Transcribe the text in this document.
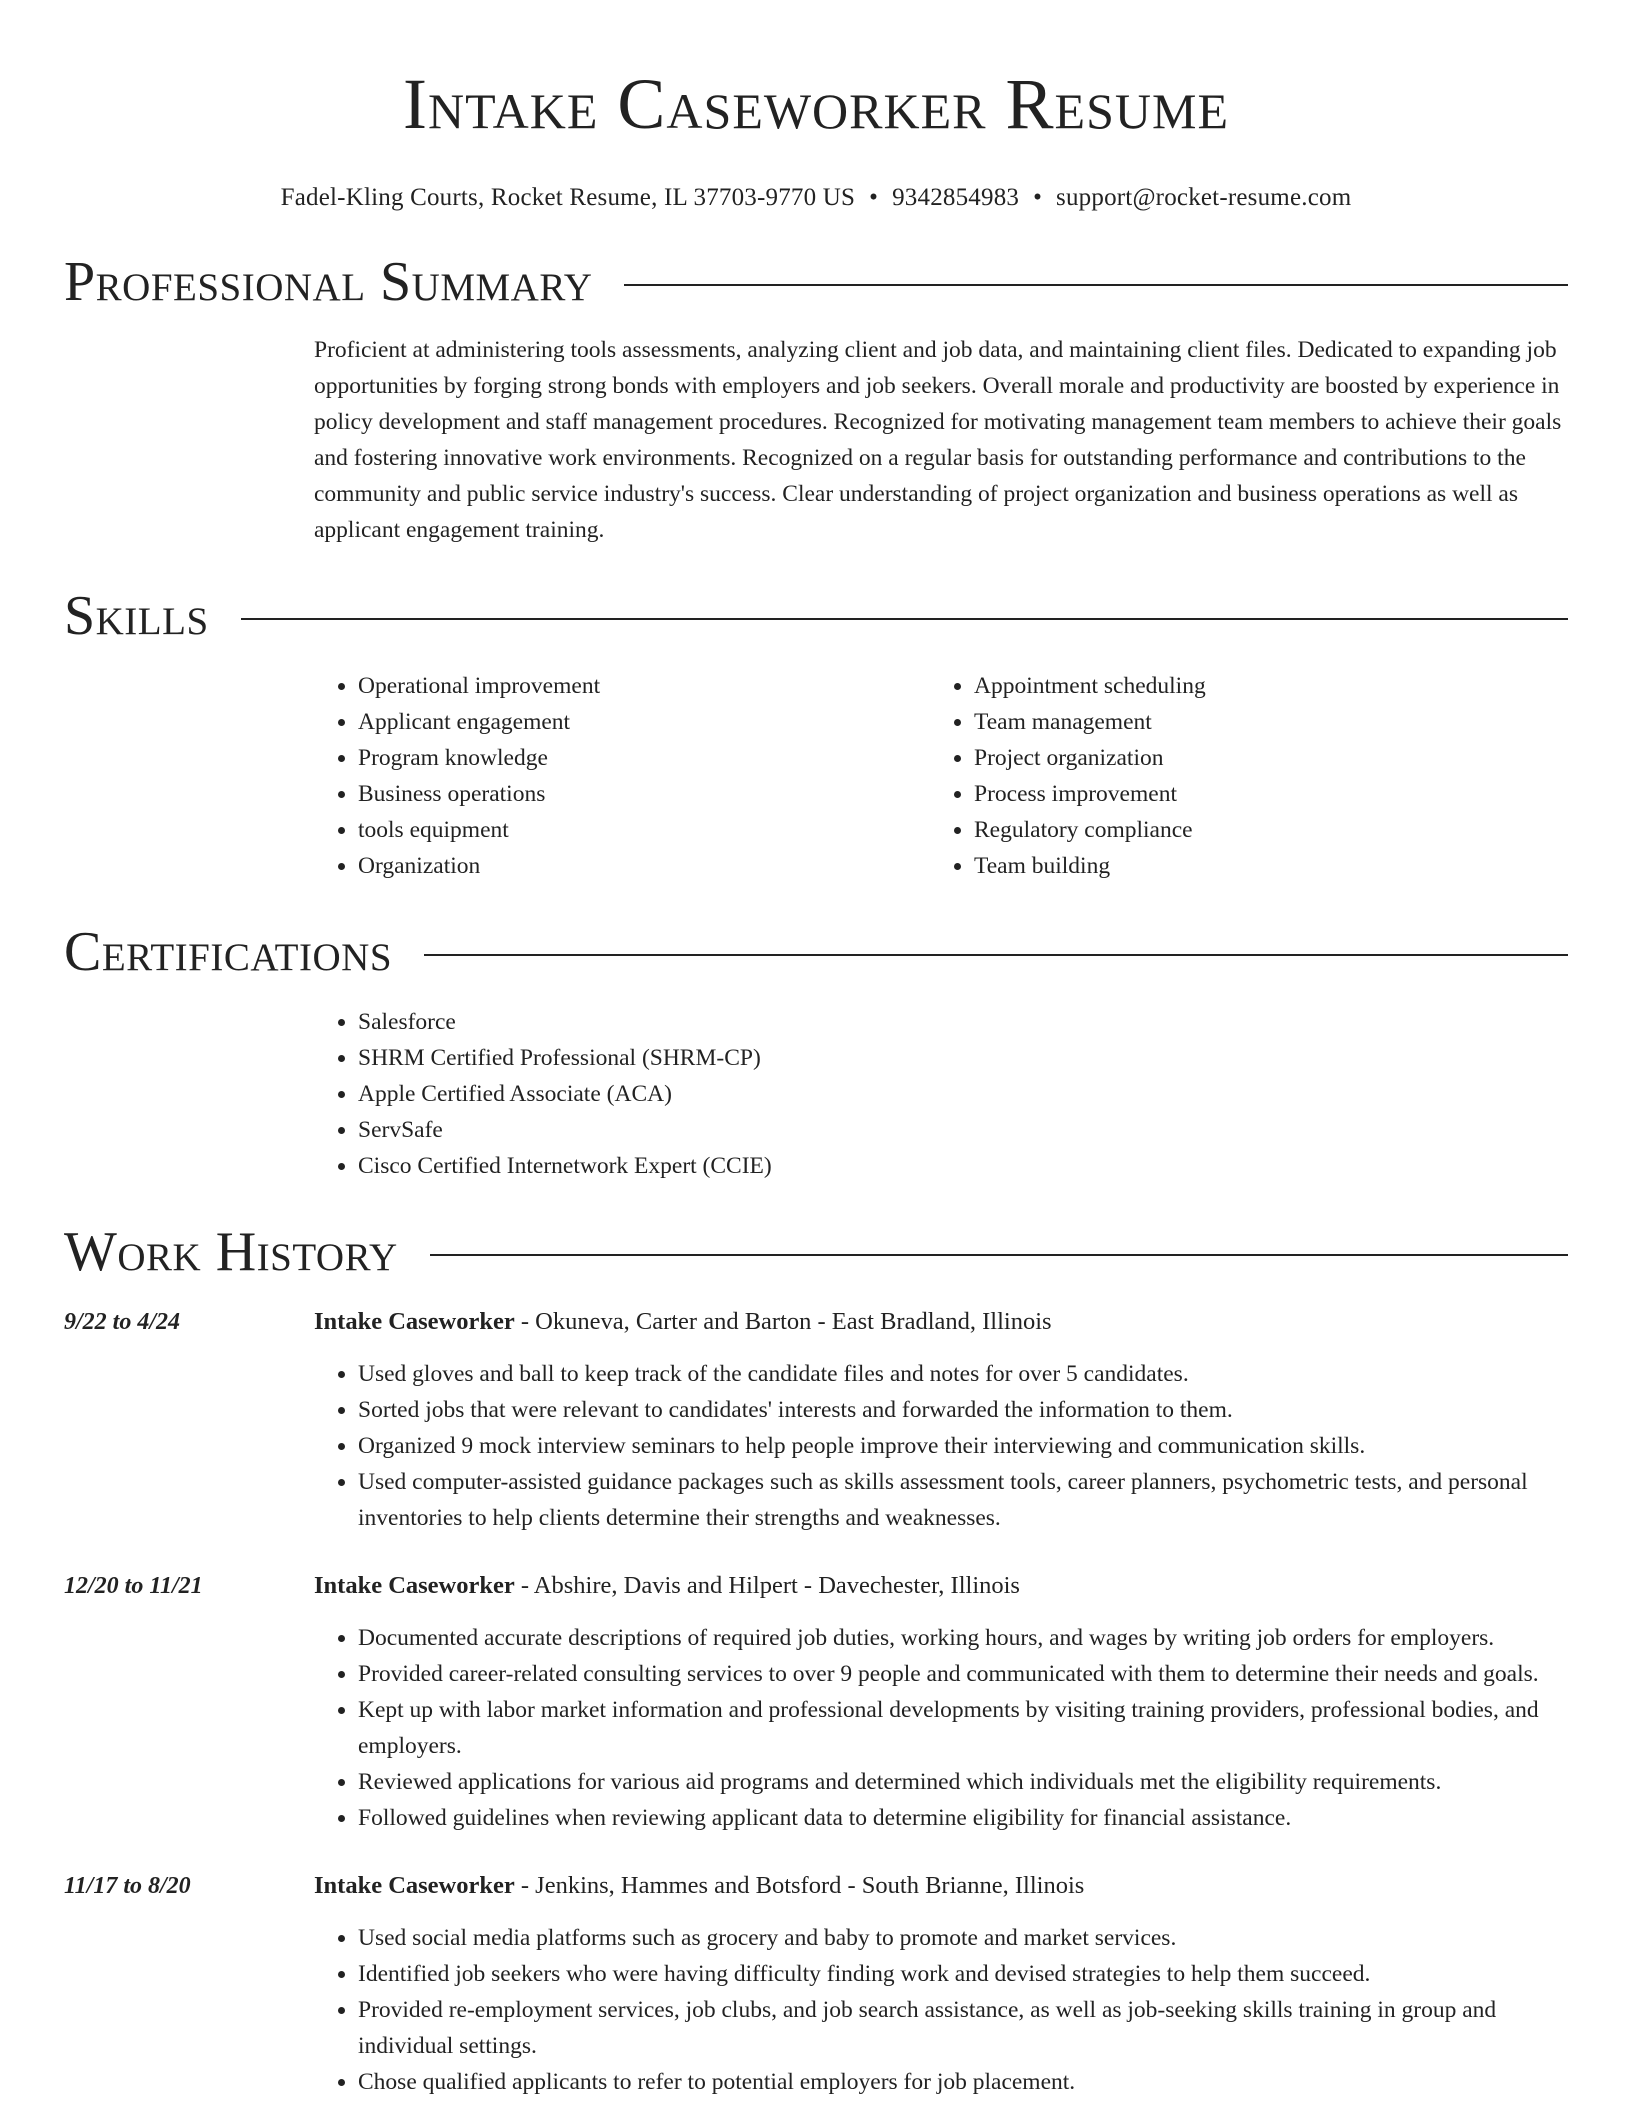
Intake Caseworker Resume
Fadel-Kling Courts, Rocket Resume, IL 37703-9770 US • 9342854983 • support@rocket-resume.com
Professional Summary
Proficient at administering tools assessments, analyzing client and job data, and maintaining client files. Dedicated to expanding job opportunities by forging strong bonds with employers and job seekers. Overall morale and productivity are boosted by experience in policy development and staff management procedures. Recognized for motivating management team members to achieve their goals and fostering innovative work environments. Recognized on a regular basis for outstanding performance and contributions to the community and public service industry's success. Clear understanding of project organization and business operations as well as applicant engagement training.
Skills
• Operational improvement
• Applicant engagement
• Program knowledge
• Business operations
• tools equipment
• Organization
• Appointment scheduling
• Team management
• Project organization
• Process improvement
• Regulatory compliance
• Team building
Certifications
• Salesforce
• SHRM Certified Professional (SHRM-CP)
• Apple Certified Associate (ACA)
• ServSafe
• Cisco Certified Internetwork Expert (CCIE)
Work History
9/22 to 4/24	Intake Caseworker - Okuneva, Carter and Barton - East Bradland, Illinois
• Used gloves and ball to keep track of the candidate files and notes for over 5 candidates.
• Sorted jobs that were relevant to candidates' interests and forwarded the information to them.
• Organized 9 mock interview seminars to help people improve their interviewing and communication skills.
• Used computer-assisted guidance packages such as skills assessment tools, career planners, psychometric tests, and personal inventories to help clients determine their strengths and weaknesses.
12/20 to 11/21	Intake Caseworker - Abshire, Davis and Hilpert - Davechester, Illinois
• Documented accurate descriptions of required job duties, working hours, and wages by writing job orders for employers.
• Provided career-related consulting services to over 9 people and communicated with them to determine their needs and goals.
• Kept up with labor market information and professional developments by visiting training providers, professional bodies, and employers.
• Reviewed applications for various aid programs and determined which individuals met the eligibility requirements.
• Followed guidelines when reviewing applicant data to determine eligibility for financial assistance.
11/17 to 8/20	Intake Caseworker - Jenkins, Hammes and Botsford - South Brianne, Illinois
• Used social media platforms such as grocery and baby to promote and market services.
• Identified job seekers who were having difficulty finding work and devised strategies to help them succeed.
• Provided re-employment services, job clubs, and job search assistance, as well as job-seeking skills training in group and individual settings.
• Chose qualified applicants to refer to potential employers for job placement.
